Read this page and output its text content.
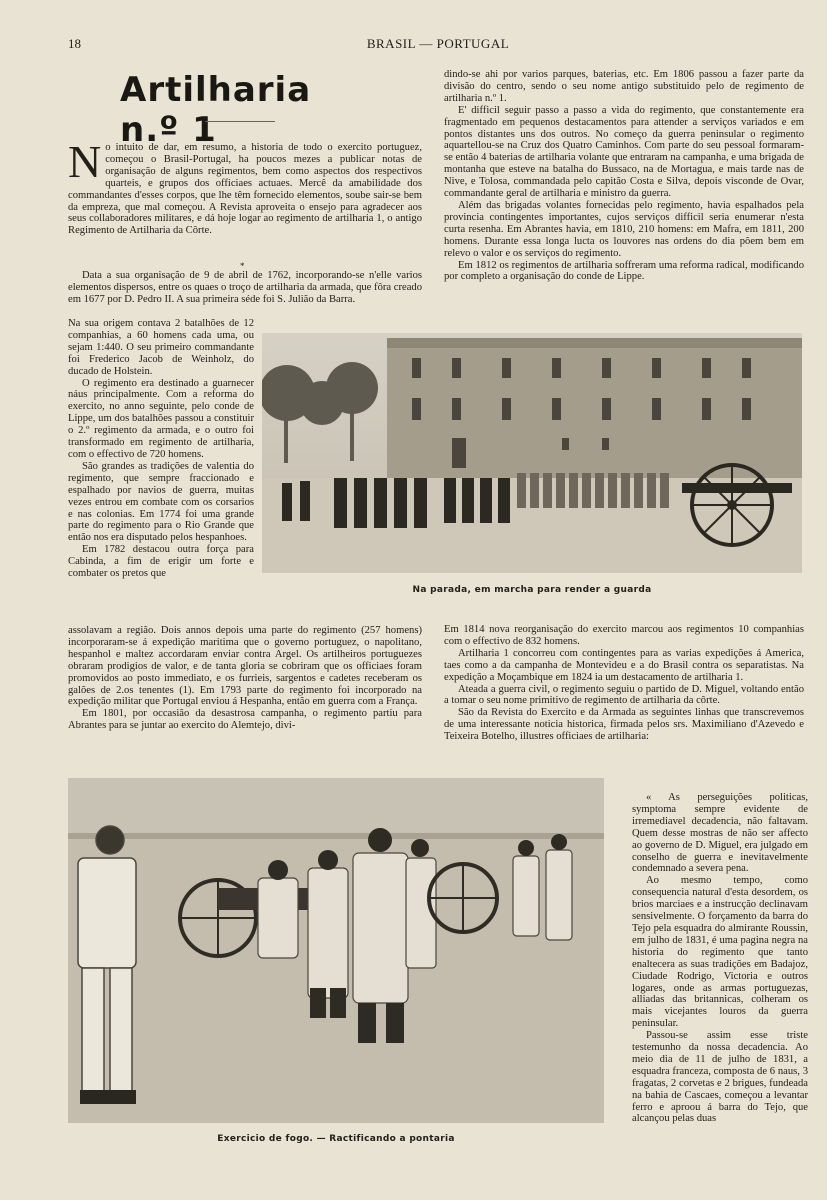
18	BRASIL — PORTUGAL
Artilharia n.º 1
No intuito de dar, em resumo, a historia de todo o exercito portuguez, começou o Brasil-Portugal, ha poucos mezes a publicar notas de organisação de alguns regimentos, bem como aspectos dos respectivos quarteis, e grupos dos officiaes actuaes. Mercê da amabilidade dos commandantes d'esses corpos, que lhe têm fornecido elementos, soube sair-se bem da empreza, que mal começou. A Revista aproveita o ensejo para agradecer aos seus collaboradores militares, e dá hoje logar ao regimento de artilharia 1, o antigo Regimento de Artilharia da Côrte.
*

Data a sua organisação de 9 de abril de 1762, incorporando-se n'elle varios elementos dispersos, entre os quaes o troço de artilharia da armada, que fôra creado em 1677 por D. Pedro II. A sua primeira séde foi S. Julião da Barra.

Na sua origem contava 2 batalhões de 12 companhias, a 60 homens cada uma, ou sejam 1:440. O seu primeiro commandante foi Frederico Jacob de Weinholz, do ducado de Holstein.

O regimento era destinado a guarnecer náus principalmente. Com a reforma do exercito, no anno seguinte, pelo conde de Lippe, um dos batalhões passou a constituir o 2.º regimento da armada, e o outro foi transformado em regimento de artilharia, com o effectivo de 720 homens.

São grandes as tradições de valentia do regimento, que sempre fraccionado e espalhado por navios de guerra, muitas vezes entrou em combate com os corsarios e nas colonias. Em 1774 foi uma grande parte do regimento para o Rio Grande que então nos era disputado pelos hespanhoes.

Em 1782 destacou outra força para Cabinda, a fim de erigir um forte e combater os pretos que

assolavam a região. Dois annos depois uma parte do regimento (257 homens) incorporaram-se á expedição maritima que o governo portuguez, o napolitano, hespanhol e maltez accordaram enviar contra Argel. Os artilheiros portuguezes obraram prodigios de valor, e de tanta gloria se cobriram que os officiaes foram promovidos ao posto immediato, e os furrieis, sargentos e cadetes receberam os galões de 2.os tenentes (1). Em 1793 parte do regimento foi incorporado na expedição militar que Portugal enviou á Hespanha, então em guerra com a França.

Em 1801, por occasião da desastrosa campanha, o regimento partiu para Abrantes para se juntar ao exercito do Alemtejo, divi-

dindo-se ahi por varios parques, baterias, etc. Em 1806 passou a fazer parte da divisão do centro, sendo o seu nome antigo substituido pelo de regimento de artilharia n.º 1.

E' difficil seguir passo a passo a vida do regimento, que constantemente era fragmentado em pequenos destacamentos para attender a serviços variados e em pontos distantes uns dos outros. No começo da guerra peninsular o regimento aquartellou-se na Cruz dos Quatro Caminhos. Com parte do seu pessoal formaram-se então 4 baterias de artilharia volante que entraram na campanha, e uma brigada de montanha que esteve na batalha do Bussaco, na de Mortagua, e mais tarde nas de Nive, e Tolosa, commandada pelo capitão Costa e Silva, depois visconde de Ovar, commandante geral de artilharia e ministro da guerra.

Além das brigadas volantes fornecidas pelo regimento, havia espalhados pela provincia contingentes importantes, cujos serviços difficil seria enumerar n'esta curta resenha. Em Abrantes havia, em 1810, 210 homens: em Mafra, em 1811, 200 homens. Durante essa longa lucta os louvores nas ordens do dia põem bem em relevo o valor e os serviços do regimento.

Em 1812 os regimentos de artilharia soffreram uma reforma radical, modificando por completo a organisação do conde de Lippe.

Na parada, em marcha para render a guarda

Em 1814 nova reorganisação do exercito marcou aos regimentos 10 companhias com o effectivo de 832 homens.

Artilharia 1 concorreu com contingentes para as varias expedições á America, taes como a da campanha de Montevideu e a do Brasil contra os separatistas. Na expedição a Moçambique em 1824 ia um destacamento de artilharia 1.

Ateada a guerra civil, o regimento seguiu o partido de D. Miguel, voltando então a tomar o seu nome primitivo de regimento de artilharia da côrte.

São da Revista do Exercito e da Armada as seguintes linhas que transcrevemos de uma interessante noticia historica, firmada pelos srs. Maximiliano d'Azevedo e Teixeira Botelho, illustres officiaes de artilharia:

« As perseguições politicas, symptoma sempre evidente de irremediavel decadencia, não faltavam. Quem desse mostras de não ser affecto ao governo de D. Miguel, era julgado em conselho de guerra e inevitavelmente condemnado a severa pena.

Ao mesmo tempo, como consequencia natural d'esta desordem, os brios marciaes e a instrucção declinavam sensivelmente. O forçamento da barra do Tejo pela esquadra do almirante Roussin, em julho de 1831, é uma pagina negra na historia do regimento que tanto enaltecera as suas tradições em Badajoz, Ciudade Rodrigo, Victoria e outros logares, onde as armas portuguezas, alliadas das britannicas, colheram os mais vicejantes louros da guerra peninsular.

Passou-se assim esse triste testemunho da nossa decadencia. Ao meio dia de 11 de julho de 1831, a esquadra franceza, composta de 6 naus, 3 fragatas, 2 corvetas e 2 brigues, fundeada na bahia de Cascaes, começou a levantar ferro e aproou á barra do Tejo, que alcançou pelas duas

Exercicio de fogo. — Ractificando a pontaria
